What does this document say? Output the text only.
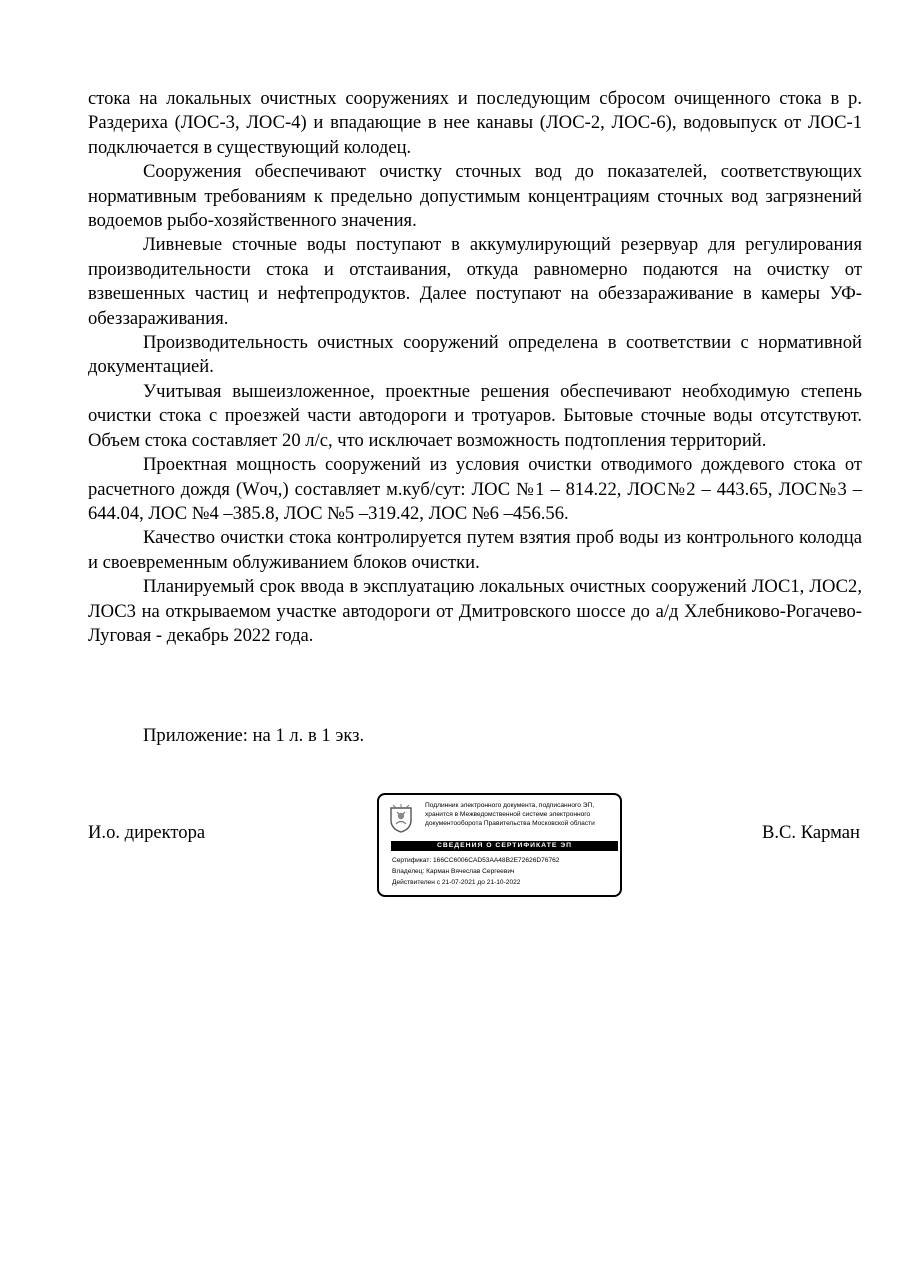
стока на локальных очистных сооружениях и последующим сбросом очищенного стока в р. Раздериха (ЛОС-3, ЛОС-4) и впадающие в нее канавы (ЛОС-2, ЛОС-6), водовыпуск от ЛОС-1 подключается в существующий колодец.

Сооружения обеспечивают очистку сточных вод до показателей, соответствующих нормативным требованиям к предельно допустимым концентрациям сточных вод загрязнений водоемов рыбо-хозяйственного значения.

Ливневые сточные воды поступают в аккумулирующий резервуар для регулирования производительности стока и отстаивания, откуда равномерно подаются на очистку от взвешенных частиц и нефтепродуктов. Далее поступают на обеззараживание в камеры УФ-обеззараживания.

Производительность очистных сооружений определена в соответствии с нормативной документацией.

Учитывая вышеизложенное, проектные решения обеспечивают необходимую степень очистки стока с проезжей части автодороги и тротуаров. Бытовые сточные воды отсутствуют. Объем стока составляет 20 л/с, что исключает возможность подтопления территорий.

Проектная мощность сооружений из условия очистки отводимого дождевого стока от расчетного дождя (Wоч,) составляет м.куб/сут: ЛОС №1 – 814.22, ЛОС№2 – 443.65, ЛОС№3 – 644.04, ЛОС №4 –385.8, ЛОС №5 –319.42, ЛОС №6 –456.56.

Качество очистки стока контролируется путем взятия проб воды из контрольного колодца и своевременным облуживанием блоков очистки.

Планируемый срок ввода в эксплуатацию локальных очистных сооружений ЛОС1, ЛОС2, ЛОС3 на открываемом участке автодороги от Дмитровского шоссе до а/д Хлебниково-Рогачево-Луговая - декабрь 2022 года.

Приложение: на 1 л. в 1 экз.
И.о. директора
Подлинник электронного документа, подписанного ЭП,
хранится в Межведомственной системе электронного
документооборота Правительства Московской области
СВЕДЕНИЯ О СЕРТИФИКАТЕ ЭП
Сертификат: 166CC6006CAD53AA48B2E72626D76762
Владелец: Карман Вячеслав Сергеевич
Действителен с 21-07-2021 до 21-10-2022
В.С. Карман
